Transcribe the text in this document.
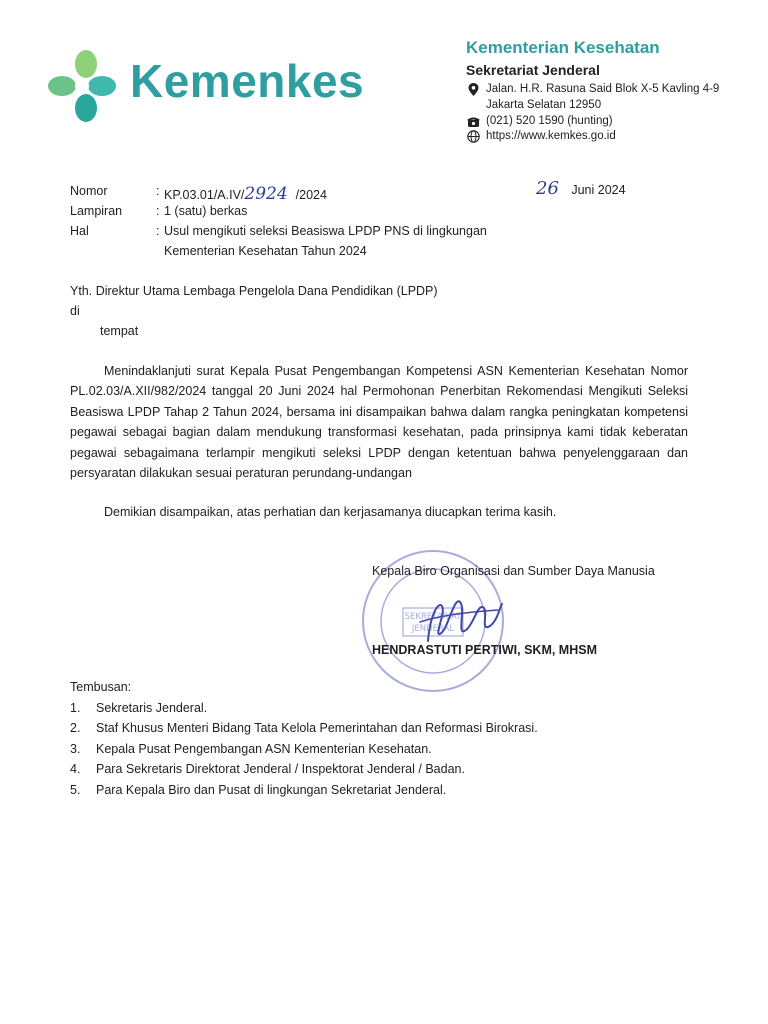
Kemenkes
Kementerian Kesehatan
Sekretariat Jenderal
Jalan. H.R. Rasuna Said Blok X-5 Kavling 4-9
Jakarta Selatan 12950
(021) 520 1590 (hunting)
https://www.kemkes.go.id
Nomor	: KP.03.01/A.IV/2924 /2024	26 Juni 2024
Lampiran	: 1 (satu) berkas
Hal	: Usul mengikuti seleksi Beasiswa LPDP PNS di lingkungan
Kementerian Kesehatan Tahun 2024
Yth. Direktur Utama Lembaga Pengelola Dana Pendidikan (LPDP)
di
tempat
Menindaklanjuti surat Kepala Pusat Pengembangan Kompetensi ASN Kementerian Kesehatan Nomor PL.02.03/A.XII/982/2024 tanggal 20 Juni 2024 hal Permohonan Penerbitan Rekomendasi Mengikuti Seleksi Beasiswa LPDP Tahap 2 Tahun 2024, bersama ini disampaikan bahwa dalam rangka peningkatan kompetensi pegawai sebagai bagian dalam mendukung transformasi kesehatan, pada prinsipnya kami tidak keberatan pegawai sebagaimana terlampir mengikuti seleksi LPDP dengan ketentuan bahwa penyelenggaraan dan persyaratan dilakukan sesuai peraturan perundang-undangan
Demikian disampaikan, atas perhatian dan kerjasamanya diucapkan terima kasih.
SEKRETARIAT
JENDERAL
Kepala Biro Organisasi dan Sumber Daya Manusia
HENDRASTUTI PERTIWI, SKM, MHSM
Tembusan:
1.	Sekretaris Jenderal.
2.	Staf Khusus Menteri Bidang Tata Kelola Pemerintahan dan Reformasi Birokrasi.
3.	Kepala Pusat Pengembangan ASN Kementerian Kesehatan.
4.	Para Sekretaris Direktorat Jenderal / Inspektorat Jenderal / Badan.
5.	Para Kepala Biro dan Pusat di lingkungan Sekretariat Jenderal.
